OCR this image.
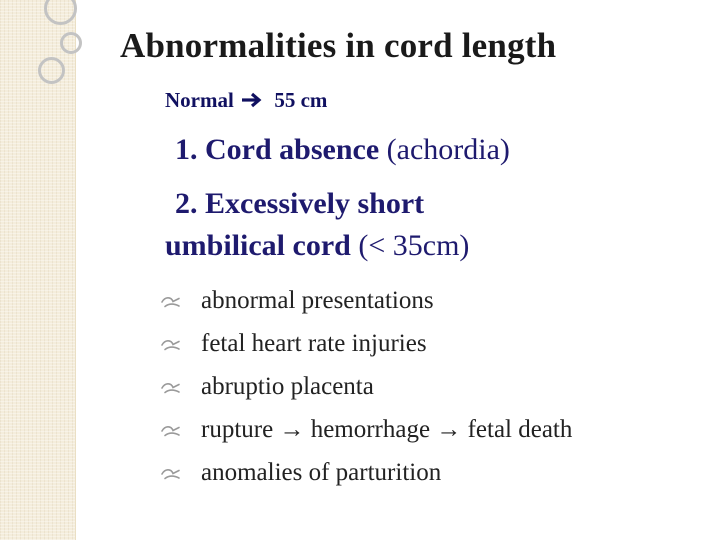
Abnormalities in cord length
Normal 55 cm
1. Cord absence (achordia)
2. Excessively short
umbilical cord (< 35cm)
abnormal presentations
fetal heart rate injuries
abruptio placenta
rupture → hemorrhage → fetal death
anomalies of parturition
